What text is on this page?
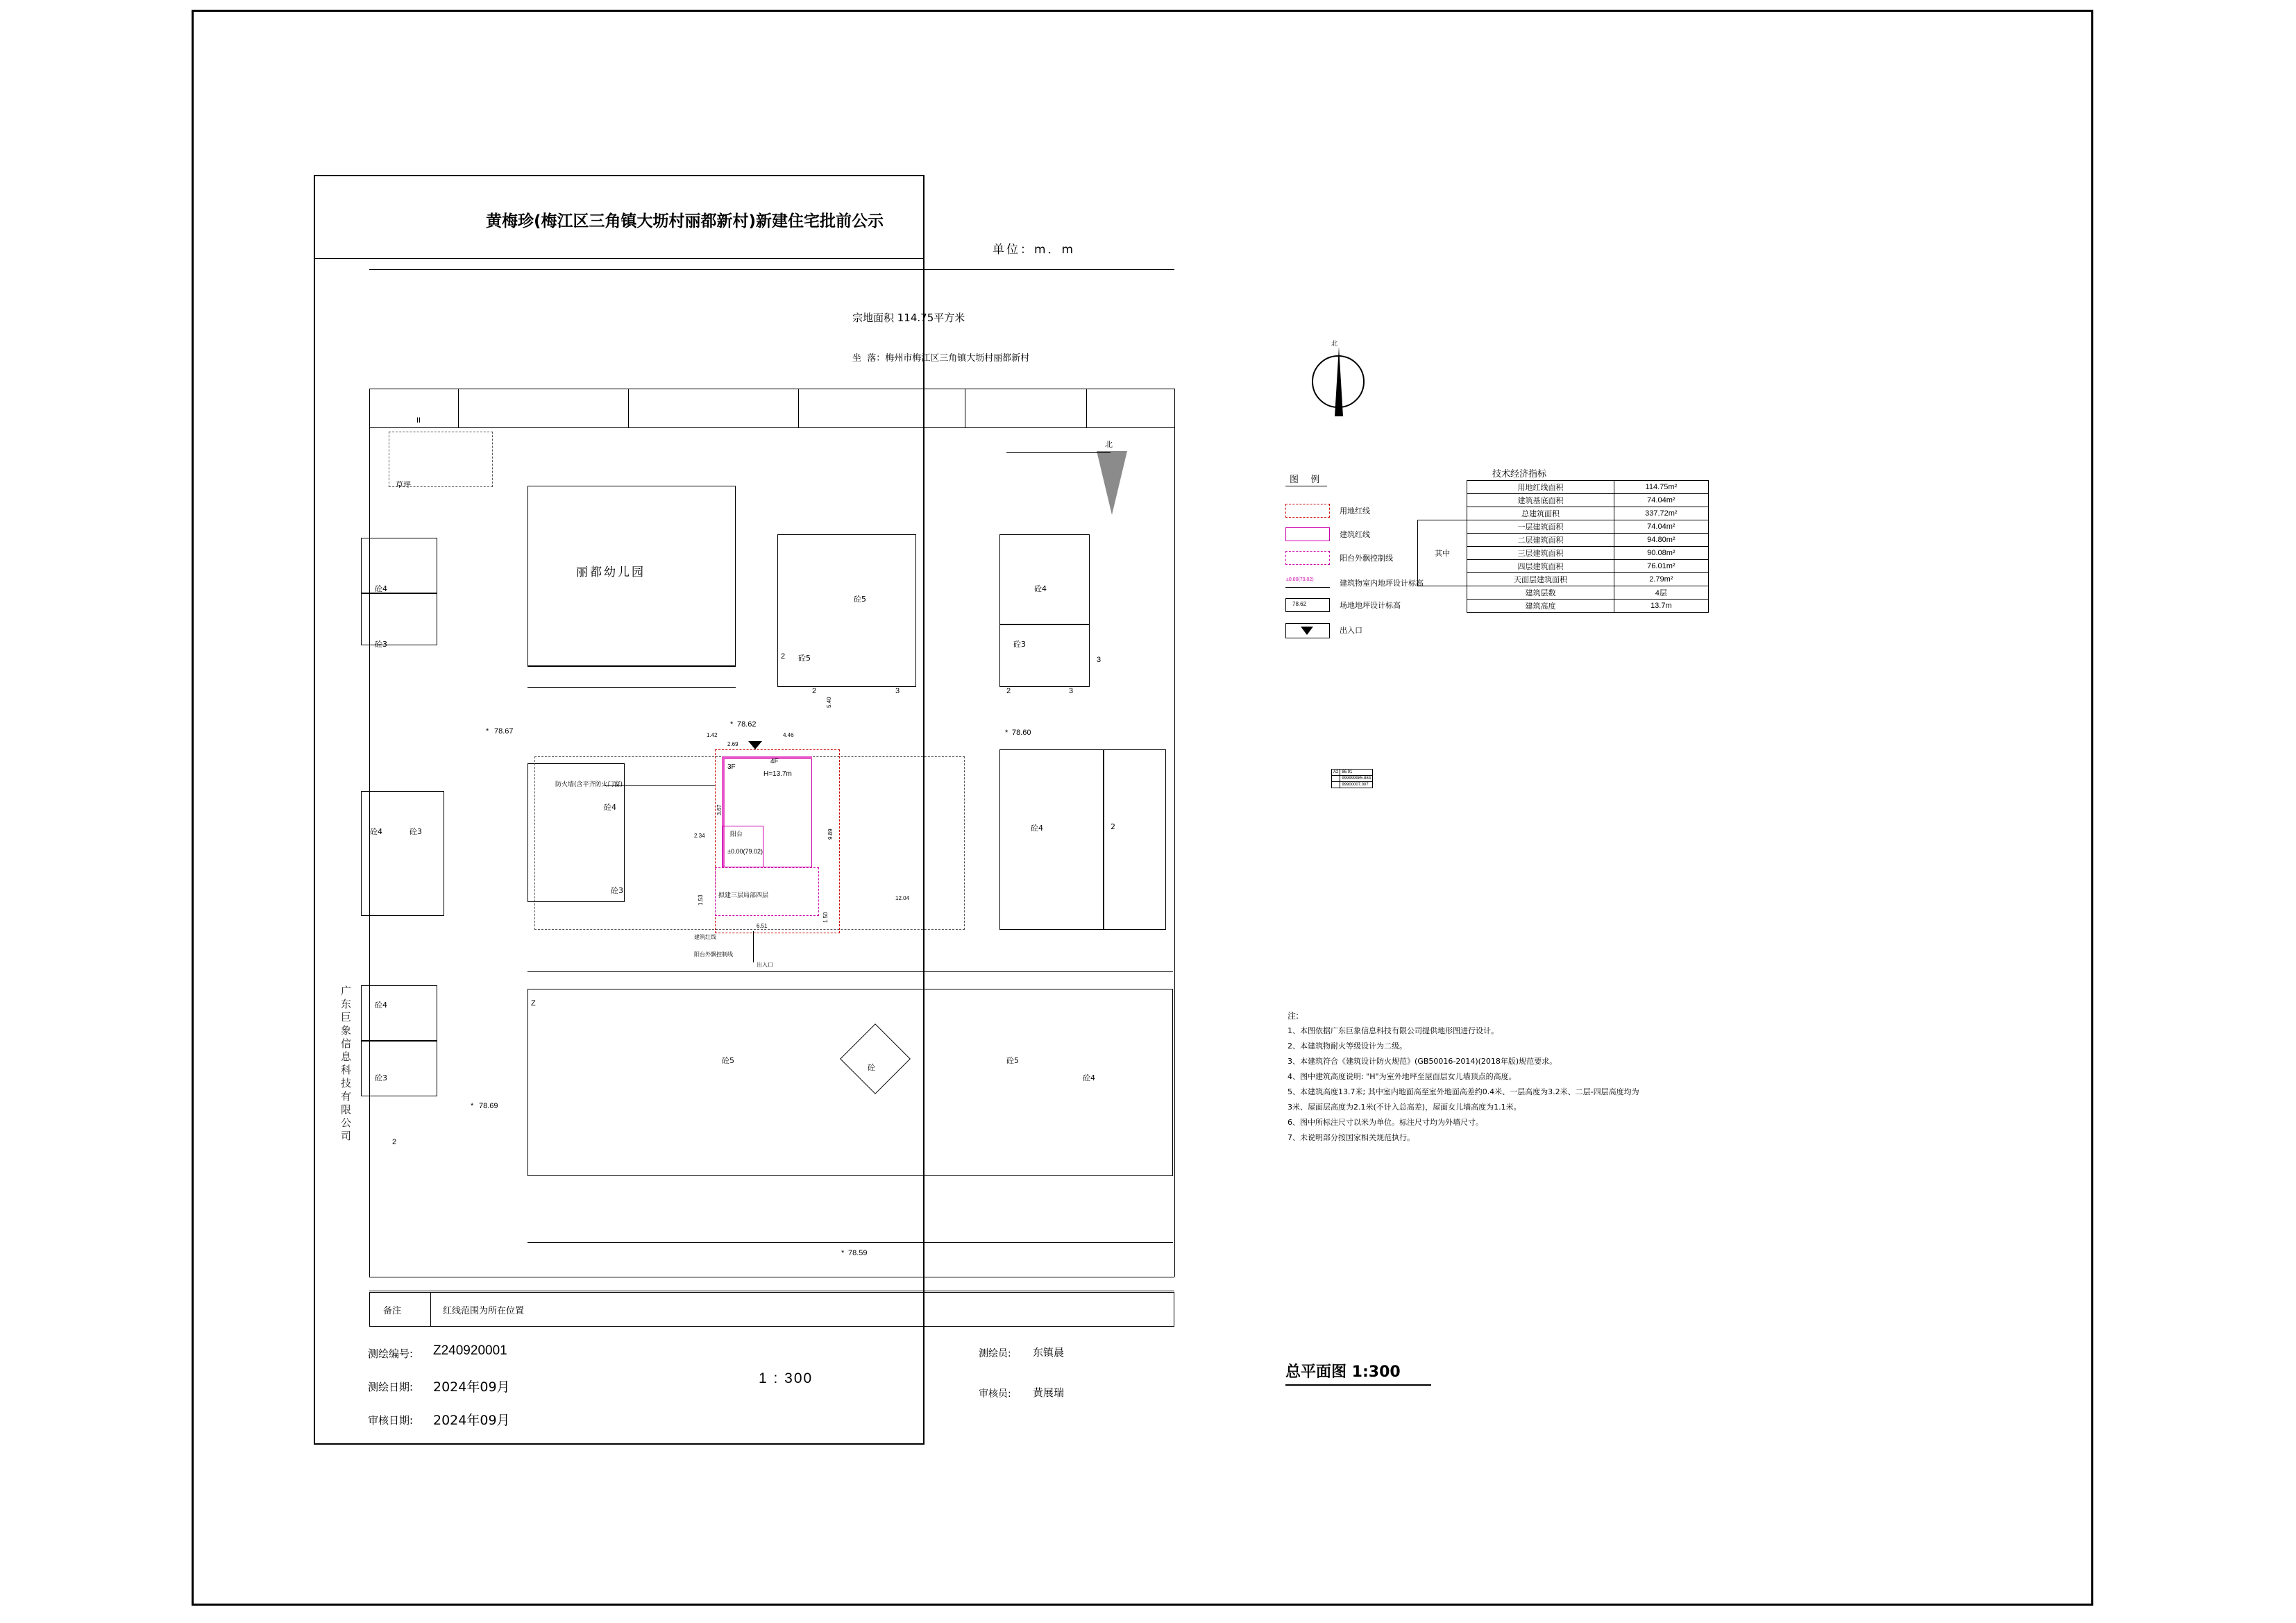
黄梅珍(梅江区三角镇大坜村丽都新村)新建住宅批前公示
单位：m．m
宗地面积 114.75平方米
坐  落：梅州市梅江区三角镇大坜村丽都新村
北
丽都幼儿园
草坪
II
砼4
砼3
砼4	砼3
砼4
砼3
2
砼4
砼3
砼5
2 砼5
2	3
砼4
砼3
3
2	3
砼4	2
砼5	砼5
砼4
Z
砼
78.59
*
3F
4F
H=13.7m
阳台
±0.00(79.02)
拟建三层局部四层
防火墙(含平齐防火门窗)
建筑红线
阳台外飘控制线
出入口
1.42
2.69
4.46
5.40
3.67
2.34	9.89
12.04
1.53
6.51
1.50
* 78.67
* 78.62
* 78.60
* 78.69
备注	红线范围为所在位置
测绘编号: Z240920001
测绘日期: 2024年09月
审核日期: 2024年09月
1 : 300
测绘员: 东镇晨
审核员: 黄展瑞
广东巨象信息科技有限公司
北
图  例
用地红线
建筑红线
阳台外飘控制线
±0.00(79.02)	建筑物室内地坪设计标高
78.62	场地地坪设计标高
出入口
技术经济指标
	用地红线面积	114.75m²
	建筑基底面积	74.04m²
	总建筑面积	337.72m²
其中	一层建筑面积	74.04m²
	二层建筑面积	94.80m²
	三层建筑面积	90.08m²
	四层建筑面积	76.01m²
	天面层建筑面积	2.79m²
	建筑层数	4层
	建筑高度	13.7m
A2	86.91
	999999985.884
	99900007.007
注:
1、本图依据广东巨象信息科技有限公司提供地形图进行设计。
2、本建筑物耐火等级设计为二级。
3、本建筑符合《建筑设计防火规范》(GB50016-2014)(2018年版)规范要求。
4、图中建筑高度说明: "H"为室外地坪至屋面层女儿墙顶点的高度。
5、本建筑高度13.7米; 其中室内地面高至室外地面高差约0.4米、一层高度为3.2米、二层-四层高度均为
3米、屋面层高度为2.1米(不计入总高差)，屋面女儿墙高度为1.1米。
6、图中所标注尺寸以米为单位。标注尺寸均为外墙尺寸。
7、未说明部分按国家相关规范执行。
总平面图 1:300
